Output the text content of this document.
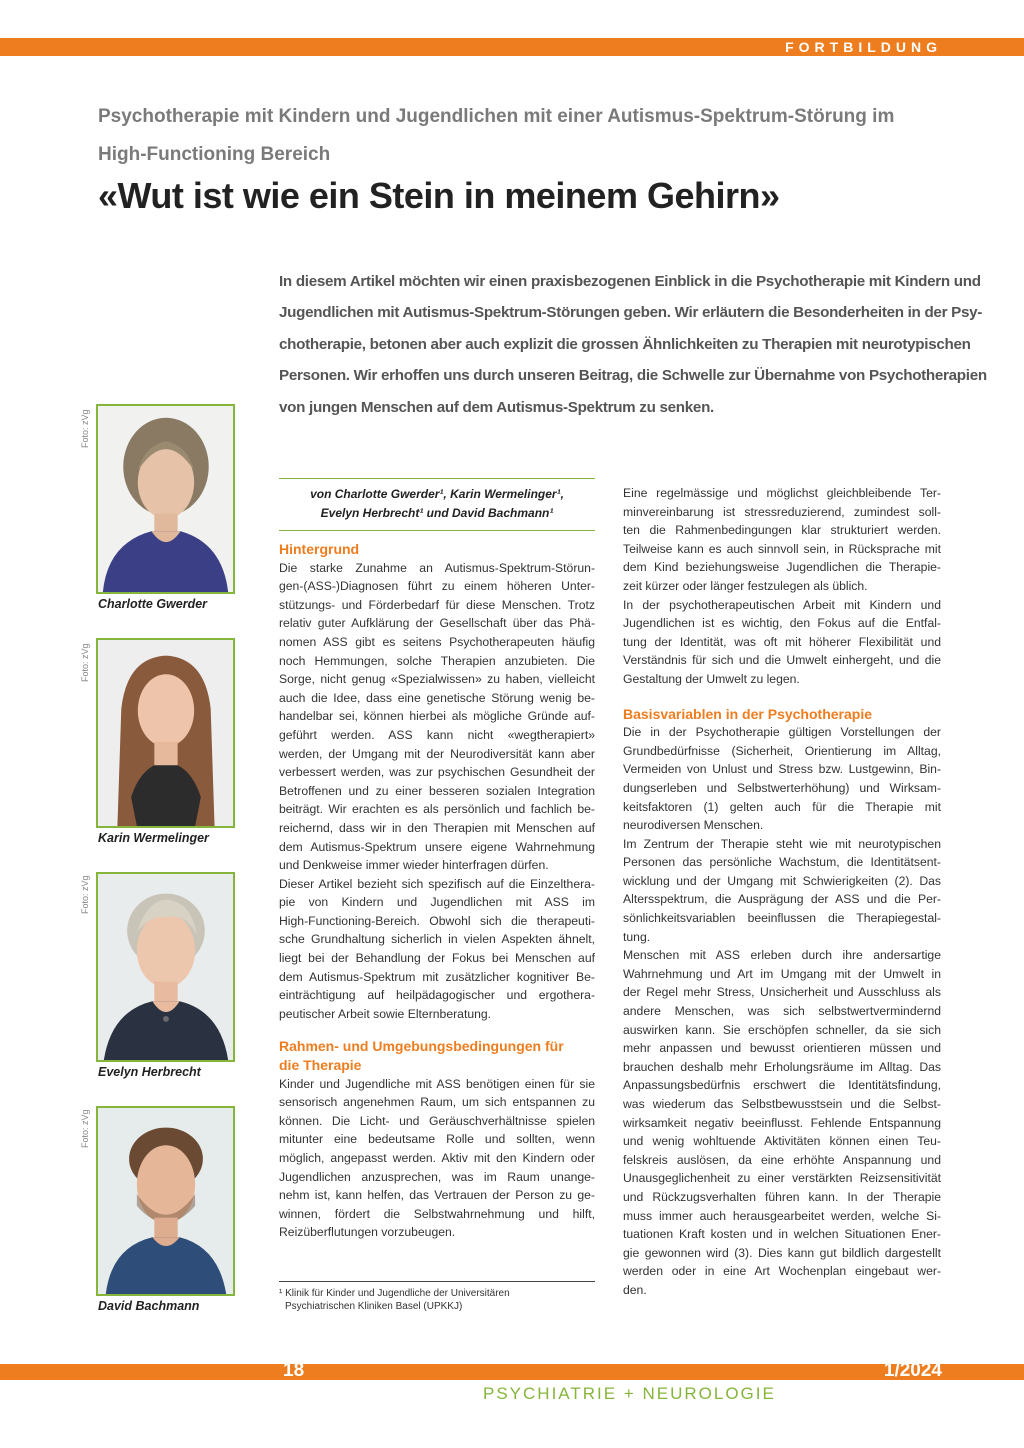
FORTBILDUNG
Psychotherapie mit Kindern und Jugendlichen mit einer Autismus-Spektrum-Störung im High-Functioning Bereich
«Wut ist wie ein Stein in meinem Gehirn»
In diesem Artikel möchten wir einen praxisbezogenen Einblick in die Psychotherapie mit Kindern und
Jugendlichen mit Autismus-Spektrum-Störungen geben. Wir erläutern die Besonderheiten in der Psy-
chotherapie, betonen aber auch explizit die grossen Ähnlichkeiten zu Therapien mit neurotypischen
Personen. Wir erhoffen uns durch unseren Beitrag, die Schwelle zur Übernahme von Psychotherapien
von jungen Menschen auf dem Autismus-Spektrum zu senken.
Foto: zVg
Charlotte Gwerder
Foto: zVg
Karin Wermelinger
Foto: zVg
Evelyn Herbrecht
Foto: zVg
David Bachmann
von Charlotte Gwerder¹, Karin Wermelinger¹,
Evelyn Herbrecht¹ und David Bachmann¹
Hintergrund
Die starke Zunahme an Autismus-Spektrum-Störun-
gen-(ASS-)Diagnosen führt zu einem höheren Unter-
stützungs- und Förderbedarf für diese Menschen. Trotz
relativ guter Aufklärung der Gesellschaft über das Phä-
nomen ASS gibt es seitens Psychotherapeuten häufig
noch Hemmungen, solche Therapien anzubieten. Die
Sorge, nicht genug «Spezialwissen» zu haben, vielleicht
auch die Idee, dass eine genetische Störung wenig be-
handelbar sei, können hierbei als mögliche Gründe auf-
geführt werden. ASS kann nicht «wegtherapiert»
werden, der Umgang mit der Neurodiversität kann aber
verbessert werden, was zur psychischen Gesundheit der
Betroffenen und zu einer besseren sozialen Integration
beiträgt. Wir erachten es als persönlich und fachlich be-
reichernd, dass wir in den Therapien mit Menschen auf
dem Autismus-Spektrum unsere eigene Wahrnehmung
und Denkweise immer wieder hinterfragen dürfen.
Dieser Artikel bezieht sich spezifisch auf die Einzelthera-
pie von Kindern und Jugendlichen mit ASS im
High-Functioning-Bereich. Obwohl sich die therapeuti-
sche Grundhaltung sicherlich in vielen Aspekten ähnelt,
liegt bei der Behandlung der Fokus bei Menschen auf
dem Autismus-Spektrum mit zusätzlicher kognitiver Be-
einträchtigung auf heilpädagogischer und ergothera-
peutischer Arbeit sowie Elternberatung.
Rahmen- und Umgebungsbedingungen für
die Therapie
Kinder und Jugendliche mit ASS benötigen einen für sie
sensorisch angenehmen Raum, um sich entspannen zu
können. Die Licht- und Geräuschverhältnisse spielen
mitunter eine bedeutsame Rolle und sollten, wenn
möglich, angepasst werden. Aktiv mit den Kindern oder
Jugendlichen anzusprechen, was im Raum unange-
nehm ist, kann helfen, das Vertrauen der Person zu ge-
winnen, fördert die Selbstwahrnehmung und hilft,
Reizüberflutungen vorzubeugen.
¹ Klinik für Kinder und Jugendliche der Universitären
Psychiatrischen Kliniken Basel (UPKKJ)
Eine regelmässige und möglichst gleichbleibende Ter-
minvereinbarung ist stressreduzierend, zumindest soll-
ten die Rahmenbedingungen klar strukturiert werden.
Teilweise kann es auch sinnvoll sein, in Rücksprache mit
dem Kind beziehungsweise Jugendlichen die Therapie-
zeit kürzer oder länger festzulegen als üblich.
In der psychotherapeutischen Arbeit mit Kindern und
Jugendlichen ist es wichtig, den Fokus auf die Entfal-
tung der Identität, was oft mit höherer Flexibilität und
Verständnis für sich und die Umwelt einhergeht, und die
Gestaltung der Umwelt zu legen.
Basisvariablen in der Psychotherapie
Die in der Psychotherapie gültigen Vorstellungen der
Grundbedürfnisse (Sicherheit, Orientierung im Alltag,
Vermeiden von Unlust und Stress bzw. Lustgewinn, Bin-
dungserleben und Selbstwerterhöhung) und Wirksam-
keitsfaktoren (1) gelten auch für die Therapie mit
neurodiversen Menschen.
Im Zentrum der Therapie steht wie mit neurotypischen
Personen das persönliche Wachstum, die Identitätsent-
wicklung und der Umgang mit Schwierigkeiten (2). Das
Altersspektrum, die Ausprägung der ASS und die Per-
sönlichkeitsvariablen beeinflussen die Therapiegestal-
tung.
Menschen mit ASS erleben durch ihre andersartige
Wahrnehmung und Art im Umgang mit der Umwelt in
der Regel mehr Stress, Unsicherheit und Ausschluss als
andere Menschen, was sich selbstwertvermindernd
auswirken kann. Sie erschöpfen schneller, da sie sich
mehr anpassen und bewusst orientieren müssen und
brauchen deshalb mehr Erholungsräume im Alltag. Das
Anpassungsbedürfnis erschwert die Identitätsfindung,
was wiederum das Selbstbewusstsein und die Selbst-
wirksamkeit negativ beeinflusst. Fehlende Entspannung
und wenig wohltuende Aktivitäten können einen Teu-
felskreis auslösen, da eine erhöhte Anspannung und
Unausgeglichenheit zu einer verstärkten Reizsensitivität
und Rückzugsverhalten führen kann. In der Therapie
muss immer auch herausgearbeitet werden, welche Si-
tuationen Kraft kosten und in welchen Situationen Ener-
gie gewonnen wird (3). Dies kann gut bildlich dargestellt
werden oder in eine Art Wochenplan eingebaut wer-
den.
18	1/2024
PSYCHIATRIE + NEUROLOGIE
